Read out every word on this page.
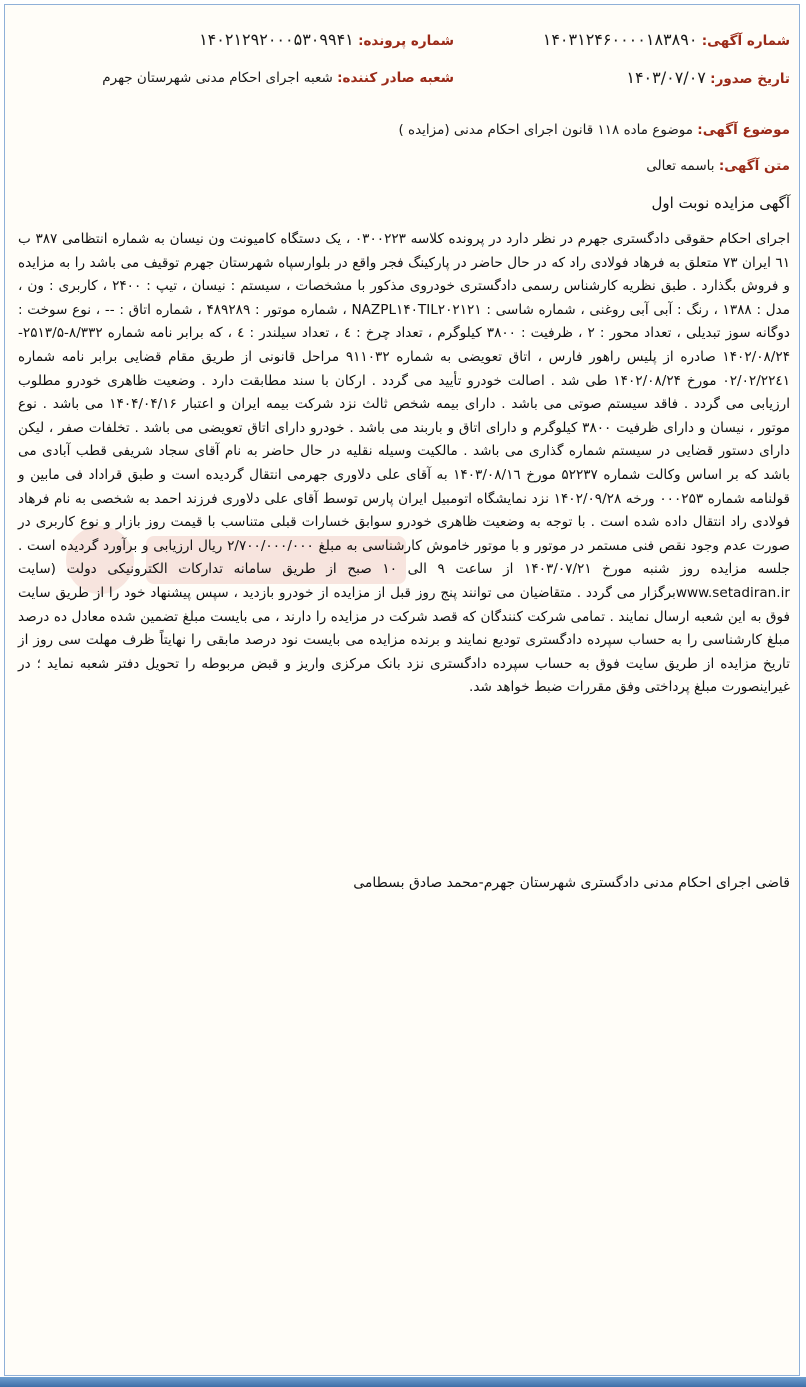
شماره آگهی: ۱۴۰۳۱۲۴۶۰۰۰۰۱۸۳۸۹۰
شماره پرونده: ۱۴۰۲۱۲۹۲۰۰۰۵۳۰۹۹۴۱
تاریخ صدور: ۱۴۰۳/۰۷/۰۷
شعبه صادر کننده: شعبه اجرای احکام مدنی شهرستان جهرم
موضوع آگهی: موضوع ماده ۱۱۸ قانون اجرای احکام مدنی (مزایده )
متن آگهی: باسمه تعالی
آگهی مزایده نوبت اول
اجرای احکام حقوقی دادگستری جهرم در نظر دارد در پرونده کلاسه ۰۳۰۰۲۲۳ ، یک دستگاه کامیونت ون نیسان به شماره انتظامی ۳۸۷ ب ٦۱ ایران ۷۳ متعلق به فرهاد فولادی راد که در حال حاضر در پارکینگ فجر واقع در بلوارسپاه شهرستان جهرم توقیف می باشد را به مزایده و فروش بگذارد . طبق نظریه کارشناس رسمی دادگستری خودروی مذکور با مشخصات ، سیستم : نیسان ، تیپ : ۲۴۰۰ ، کاربری : ون ، مدل : ۱۳۸۸ ، رنگ : آبی آبی روغنی ، شماره شاسی : NAZPL۱۴۰TIL۲۰۲۱۲۱ ، شماره موتور : ۴۸۹۲۸۹ ، شماره اتاق : -- ، نوع سوخت : دوگانه سوز تبدیلی ، تعداد محور : ۲ ، ظرفیت : ۳۸۰۰ کیلوگرم ، تعداد چرخ : ٤ ، تعداد سیلندر : ٤ ، که برابر نامه شماره ۸/۳۳۲-۲۵۱۳/۵- ۱۴۰۲/۰۸/۲۴ صادره از پلیس راهور فارس ، اتاق تعویضی به شماره ۹۱۱۰۳۲ مراحل قانونی از طریق مقام قضایی برابر نامه شماره ۰۲/۰۲/۲۲٤۱ مورخ ۱۴۰۲/۰۸/۲۴ طی شد . اصالت خودرو تأیید می گردد . ارکان با سند مطابقت دارد . وضعیت ظاهری خودرو مطلوب ارزیابی می گردد . فاقد سیستم صوتی می باشد . دارای بیمه شخص ثالث نزد شرکت بیمه ایران و اعتبار ۱۴۰۴/۰۴/۱۶ می باشد . نوع موتور ، نیسان و دارای ظرفیت ۳۸۰۰ کیلوگرم و دارای اتاق و باربند می باشد . خودرو دارای اتاق تعویضی می باشد . تخلفات صفر ، لیکن دارای دستور قضایی در سیستم شماره گذاری می باشد . مالکیت وسیله نقلیه در حال حاضر به نام آقای سجاد شریفی قطب آبادی می باشد که بر اساس وکالت شماره ۵۲۲۳۷ مورخ ۱۴۰۳/۰۸/۱٦ به آقای علی دلاوری جهرمی انتقال گردیده است و طبق قراداد فی مابین و قولنامه شماره ۰۰۰۲۵۳ ورخه ۱۴۰۲/۰۹/۲۸ نزد نمایشگاه اتومبیل ایران پارس توسط آقای علی دلاوری فرزند احمد به شخصی به نام فرهاد فولادی راد انتقال داده شده است . با توجه به وضعیت ظاهری خودرو سوابق خسارات قبلی متناسب با قیمت روز بازار و نوع کاربری در صورت عدم وجود نقص فنی مستمر در موتور و با موتور خاموش کارشناسی به مبلغ ۲/۷۰۰/۰۰۰/۰۰۰ ریال ارزیابی و برآورد گردیده است . جلسه مزایده روز شنبه مورخ ۱۴۰۳/۰۷/۲۱ از ساعت ۹ الی ۱۰ صبح از طریق سامانه تدارکات الکترونیکی دولت (سایت www.setadiran.irبرگزار می گردد . متقاضیان می توانند پنج روز قبل از مزایده از خودرو بازدید ، سپس پیشنهاد خود را از طریق سایت فوق به این شعبه ارسال نمایند . تمامی شرکت کنندگان که قصد شرکت در مزایده را دارند ، می بایست مبلغ تضمین شده معادل ده درصد مبلغ کارشناسی را به حساب سپرده دادگستری تودیع نمایند و برنده مزایده می بایست نود درصد مابقی را نهایتاً ظرف مهلت سی روز از تاریخ مزایده از طریق سایت فوق به حساب سپرده دادگستری نزد بانک مرکزی واریز و قبض مربوطه را تحویل دفتر شعبه نماید ؛ در غیراینصورت مبلغ پرداختی وفق مقررات ضبط خواهد شد.
قاضی اجرای احکام مدنی دادگستری شهرستان جهرم-محمد صادق بسطامی
